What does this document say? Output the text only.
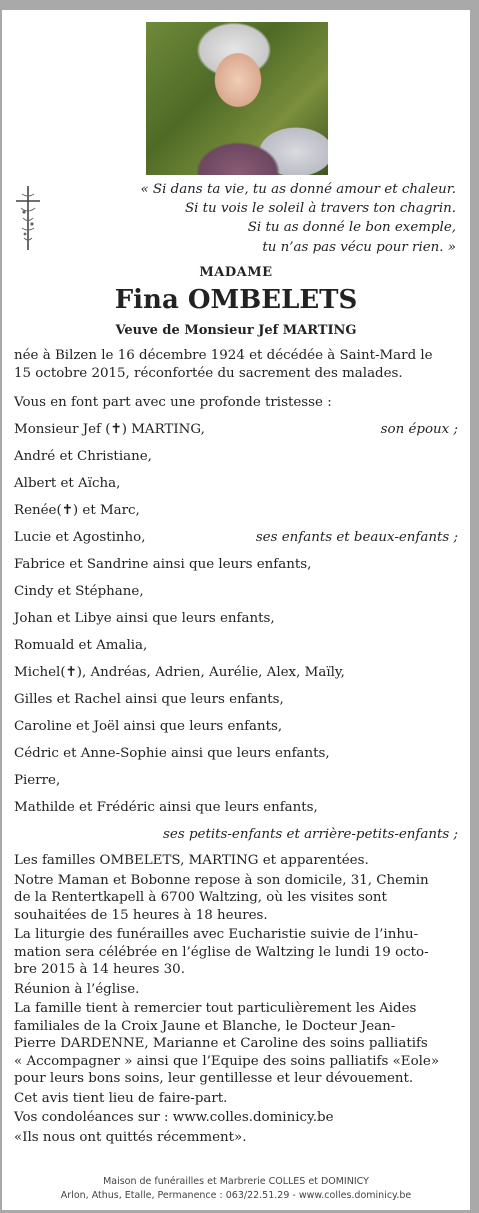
« Si dans ta vie, tu as donné amour et chaleur.
Si tu vois le soleil à travers ton chagrin.
Si tu as donné le bon exemple,
tu n’as pas vécu pour rien. »
MADAME
Fina OMBELETS
Veuve de Monsieur Jef MARTING
née à Bilzen le 16 décembre 1924 et décédée à Saint-Mard le
15 octobre 2015, réconfortée du sacrement des malades.
Vous en font part avec une profonde tristesse :
Monsieur Jef (✝) MARTING,	son époux ;
André et Christiane,
Albert et Aïcha,
Renée(✝) et Marc,
Lucie et Agostinho,	ses enfants et beaux-enfants ;
Fabrice et Sandrine ainsi que leurs enfants,
Cindy et Stéphane,
Johan et Libye ainsi que leurs enfants,
Romuald et Amalia,
Michel(✝), Andréas, Adrien, Aurélie, Alex, Maïly,
Gilles et Rachel ainsi que leurs enfants,
Caroline et Joël ainsi que leurs enfants,
Cédric et Anne-Sophie ainsi que leurs enfants,
Pierre,
Mathilde et Frédéric ainsi que leurs enfants,
ses petits-enfants et arrière-petits-enfants ;
Les familles OMBELETS, MARTING et apparentées.
Notre Maman et Bobonne repose à son domicile, 31, Chemin
de la Rentertkapell à 6700 Waltzing, où les visites sont
souhaitées de 15 heures à 18 heures.
La liturgie des funérailles avec Eucharistie suivie de l’inhu-
mation sera célébrée en l’église de Waltzing le lundi 19 octo-
bre 2015 à 14 heures 30.
Réunion à l’église.
La famille tient à remercier tout particulièrement les Aides
familiales de la Croix Jaune et Blanche, le Docteur Jean-
Pierre DARDENNE, Marianne et Caroline des soins palliatifs
« Accompagner » ainsi que l’Equipe des soins palliatifs «Eole»
pour leurs bons soins, leur gentillesse et leur dévouement.
Cet avis tient lieu de faire-part.
Vos condoléances sur : www.colles.dominicy.be
«Ils nous ont quittés récemment».
Maison de funérailles et Marbrerie COLLES et DOMINICY
Arlon, Athus, Etalle, Permanence : 063/22.51.29 - www.colles.dominicy.be
